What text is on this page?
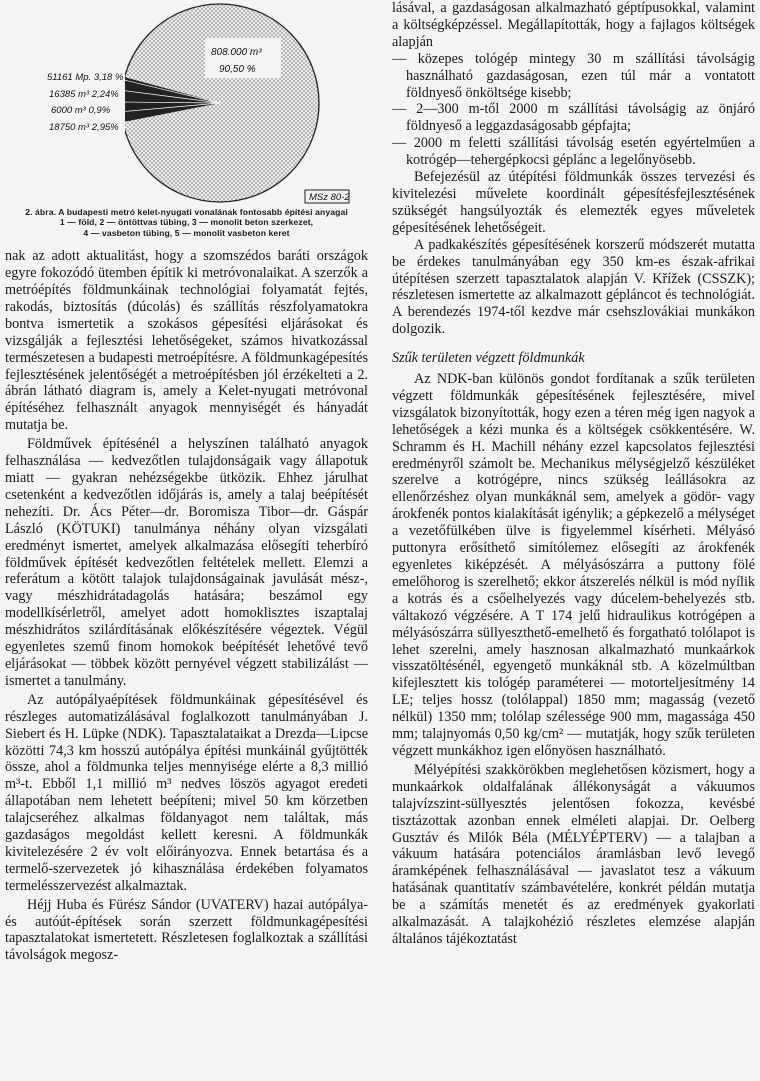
808.000 m³
90,50 %
51161 Mp. 3,18 %
16385 m³ 2,24%
6000 m³ 0,9%
18750 m³ 2,95%
MSz 80-2
2. ábra. A budapesti metró kelet-nyugati vonalának fontosabb építési anyagai
1 — föld, 2 — öntöttvas tübing, 3 — monolit beton szerkezet,
4 — vasbeton tübing, 5 — monolit vasbeton keret

nak az adott aktualitást, hogy a szomszédos baráti országok egyre fokozódó ütemben építik ki metróvonalaikat. A szerzők a metróépítés földmunkáinak technológiai folyamatát fejtés, rakodás, biztosítás (dúcolás) és szállítás részfolyamatokra bontva ismertetik a szokásos gépesítési eljárásokat és vizsgálják a fejlesztési lehetőségeket, számos hivatkozással természetesen a budapesti metroépítésre. A földmunkagépesítés fejlesztésének jelentőségét a metroépítésben jól érzékelteti a 2. ábrán látható diagram is, amely a Kelet-nyugati metróvonal építéséhez felhasznált anyagok mennyiségét és hányadát mutatja be.

Földművek építésénél a helyszínen található anyagok felhasználása — kedvezőtlen tulajdonságaik vagy állapotuk miatt — gyakran nehézségekbe ütközik. Ehhez járulhat csetenként a kedvezőtlen időjárás is, amely a talaj beépítését nehezíti. Dr. Ács Péter—dr. Boromisza Tibor—dr. Gáspár László (KÖTUKI) tanulmánya néhány olyan vizsgálati eredményt ismertet, amelyek alkalmazása elősegíti teherbíró földművek építését kedvezőtlen feltételek mellett. Elemzi a referátum a kötött talajok tulajdonságainak javulását mész-, vagy mészhidrátadagolás hatására; beszámol egy modellkísérletről, amelyet adott homoklisztes iszaptalaj mészhidrátos szilárdításának előkészítésére végeztek. Végül egyenletes szemű finom homokok beépítését lehetővé tevő eljárásokat — többek között pernyével végzett stabilizálást — ismertet a tanulmány.

Az autópályaépítések földmunkáinak gépesítésével és részleges automatizálásával foglalkozott tanulmányában J. Siebert és H. Lüpke (NDK). Tapasztalataikat a Drezda—Lipcse közötti 74,3 km hosszú autópálya építési munkáinál gyűjtötték össze, ahol a földmunka teljes mennyisége elérte a 8,3 millió m³-t. Ebből 1,1 millió m³ nedves löszös agyagot eredeti állapotában nem lehetett beépíteni; mivel 50 km körzetben talajcseréhez alkalmas földanyagot nem találtak, más gazdaságos megoldást kellett keresni. A földmunkák kivitelezésére 2 év volt előirányozva. Ennek betartása és a termelő-szervezetek jó kihasználása érdekében folyamatos termelésszervezést alkalmaztak.

Héjj Huba és Fürész Sándor (UVATERV) hazai autópálya- és autóút-építések során szerzett földmunkagépesítési tapasztalatokat ismertetett. Részletesen foglalkoztak a szállítási távolságok megosz-

lásával, a gazdaságosan alkalmazható géptípusokkal, valamint a költségképzéssel. Megállapították, hogy a fajlagos költségek alapján

— közepes tológép mintegy 30 m szállítási távolságig használható gazdaságosan, ezen túl már a vontatott földnyeső önköltsége kisebb;

— 2—300 m-től 2000 m szállítási távolságig az önjáró földnyeső a leggazdaságosabb gépfajta;

— 2000 m feletti szállítási távolság esetén egyértelműen a kotrógép—tehergépkocsi géplánc a legelőnyösebb.

Befejezésül az útépítési földmunkák összes tervezési és kivitelezési művelete koordinált gépesítésfejlesztésének szükségét hangsúlyozták és elemezték egyes műveletek gépesítésének lehetőségeit.

A padkakészítés gépesítésének korszerű módszerét mutatta be érdekes tanulmányában egy 350 km-es észak-afrikai útépítésen szerzett tapasztalatok alapján V. Křížek (CSSZK); részletesen ismertette az alkalmazott gépláncot és technológiát. A berendezés 1974-től kezdve már csehszlovákiai munkákon dolgozik.

Szűk területen végzett földmunkák

Az NDK-ban különös gondot fordítanak a szűk területen végzett földmunkák gépesítésének fejlesztésére, mivel vizsgálatok bizonyították, hogy ezen a téren még igen nagyok a lehetőségek a kézi munka és a költségek csökkentésére. W. Schramm és H. Machill néhány ezzel kapcsolatos fejlesztési eredményről számolt be. Mechanikus mélységjelző készüléket szerelve a kotrógépre, nincs szükség leállásokra az ellenőrzéshez olyan munkáknál sem, amelyek a gödör- vagy árokfenék pontos kialakítását igénylik; a gépkezelő a mélységet a vezetőfülkében ülve is figyelemmel kísérheti. Mélyásó puttonyra erősíthető simítólemez elősegíti az árokfenék egyenletes kiképzését. A mélyásószárra a puttony fölé emelőhorog is szerelhető; ekkor átszerelés nélkül is mód nyílik a kotrás és a csőelhelyezés vagy dúcelem-behelyezés stb. váltakozó végzésére. A T 174 jelű hidraulikus kotrógépen a mélyásószárra süllyeszthető-emelhető és forgatható tolólapot is lehet szerelni, amely hasznosan alkalmazható munkaárkok visszatöltésénél, egyengető munkáknál stb. A közelmúltban kifejlesztett kis tológép paraméterei — motorteljesítmény 14 LE; teljes hossz (tolólappal) 1850 mm; magasság (vezető nélkül) 1350 mm; tolólap szélessége 900 mm, magassága 450 mm; talajnyomás 0,50 kg/cm² — mutatják, hogy szűk területen végzett munkákhoz igen előnyösen használható.

Mélyépítési szakkörökben meglehetősen közismert, hogy a munkaárkok oldalfalának állékonyságát a vákuumos talajvízszint-süllyesztés jelentősen fokozza, kevésbé tisztázottak azonban ennek elméleti alapjai. Dr. Oelberg Gusztáv és Milók Béla (MÉLYÉPTERV) — a talajban a vákuum hatására potenciálos áramlásban levő levegő áramképének felhasználásával — javaslatot tesz a vákuum hatásának quantitatív számbavételére, konkrét példán mutatja be a számítás menetét és az eredmények gyakorlati alkalmazását. A talajkohézió részletes elemzése alapján általános tájékoztatást
